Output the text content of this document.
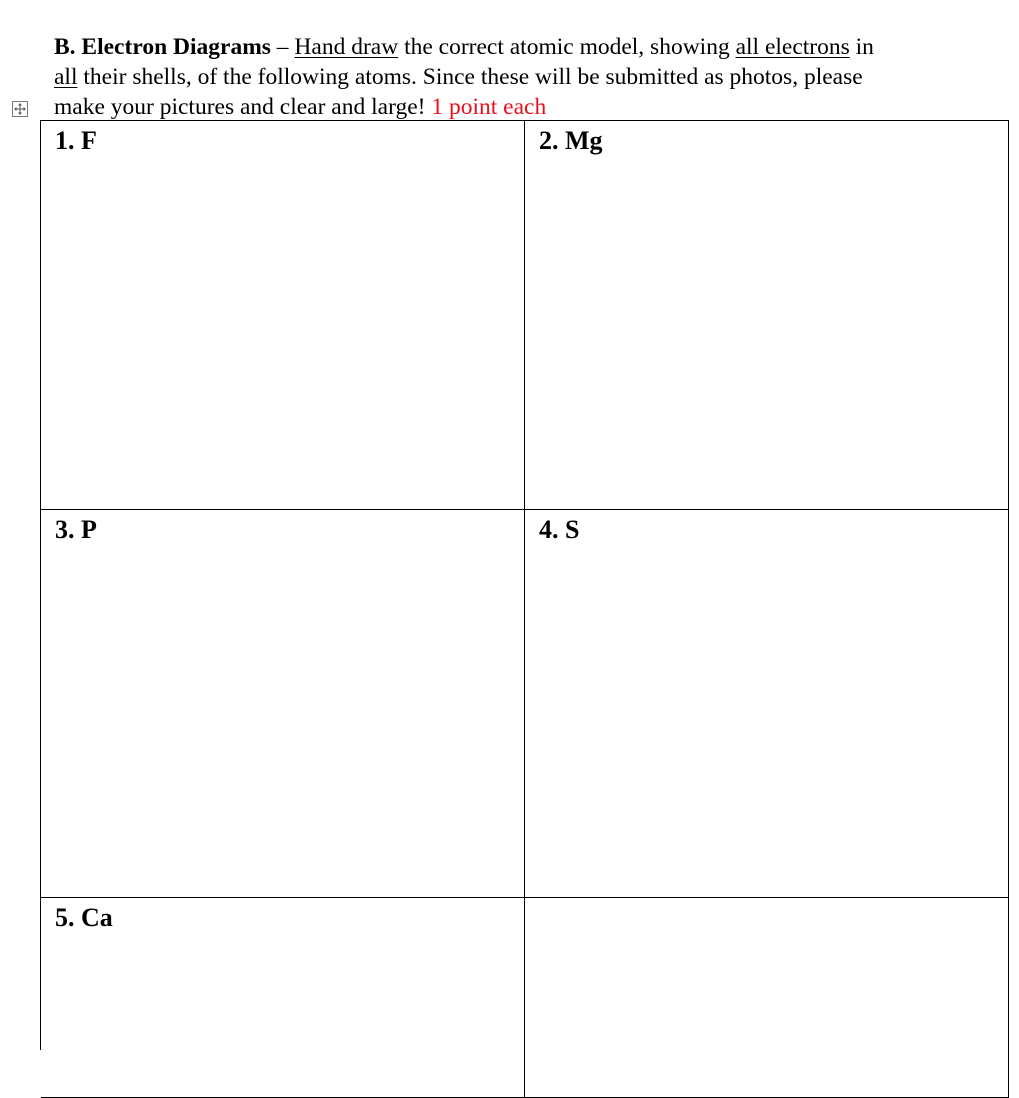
B. Electron Diagrams – Hand draw the correct atomic model, showing all electrons in
all their shells, of the following atoms. Since these will be submitted as photos, please
make your pictures and clear and large! 1 point each
1. F	2. Mg
3. P	4. S
5. Ca
